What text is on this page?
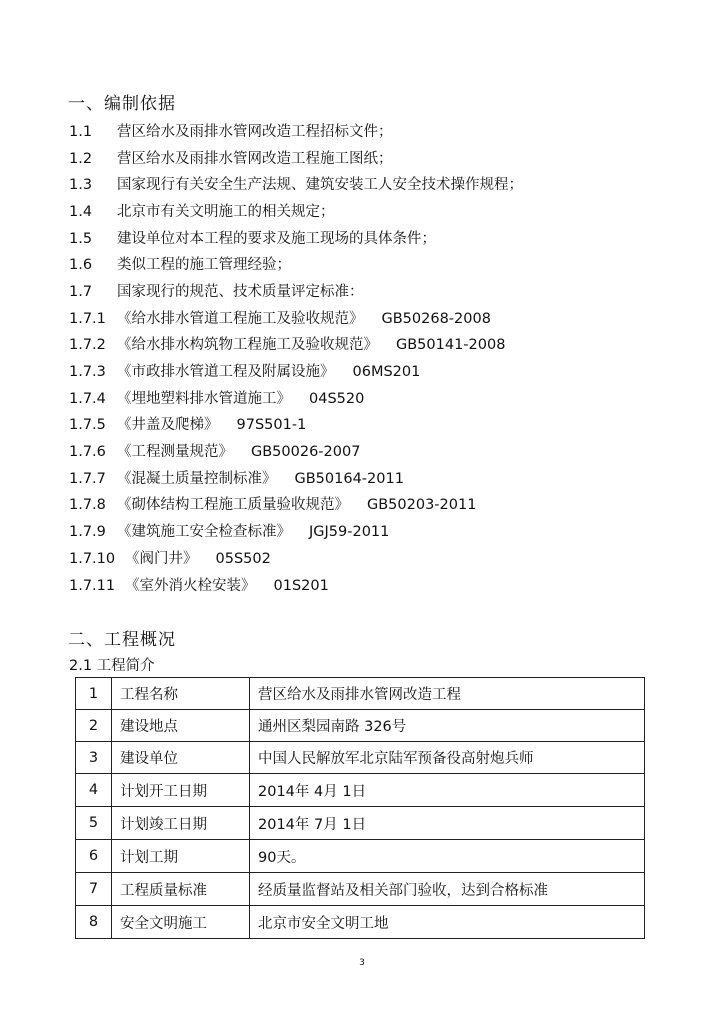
一、编制依据
1.1 营区给水及雨排水管网改造工程招标文件；
1.2 营区给水及雨排水管网改造工程施工图纸；
1.3 国家现行有关安全生产法规、建筑安装工人安全技术操作规程；
1.4 北京市有关文明施工的相关规定；
1.5 建设单位对本工程的要求及施工现场的具体条件；
1.6 类似工程的施工管理经验；
1.7 国家现行的规范、技术质量评定标准：
1.7.1 《给水排水管道工程施工及验收规范》 GB50268-2008
1.7.2 《给水排水构筑物工程施工及验收规范》 GB50141-2008
1.7.3 《市政排水管道工程及附属设施》 06MS201
1.7.4 《埋地塑料排水管道施工》 04S520
1.7.5 《井盖及爬梯》 97S501-1
1.7.6 《工程测量规范》 GB50026-2007
1.7.7 《混凝土质量控制标准》 GB50164-2011
1.7.8 《砌体结构工程施工质量验收规范》 GB50203-2011
1.7.9 《建筑施工安全检查标准》 JGJ59-2011
1.7.10 《阀门井》 05S502
1.7.11 《室外消火栓安装》 01S201
二、工程概况
2.1 工程简介
1	工程名称	营区给水及雨排水管网改造工程
2	建设地点	通州区梨园南路 326号
3	建设单位	中国人民解放军北京陆军预备役高射炮兵师
4	计划开工日期	2014年 4月 1日
5	计划竣工日期	2014年 7月 1日
6	计划工期	90天。
7	工程质量标准	经质量监督站及相关部门验收，达到合格标准
8	安全文明施工	北京市安全文明工地
3
